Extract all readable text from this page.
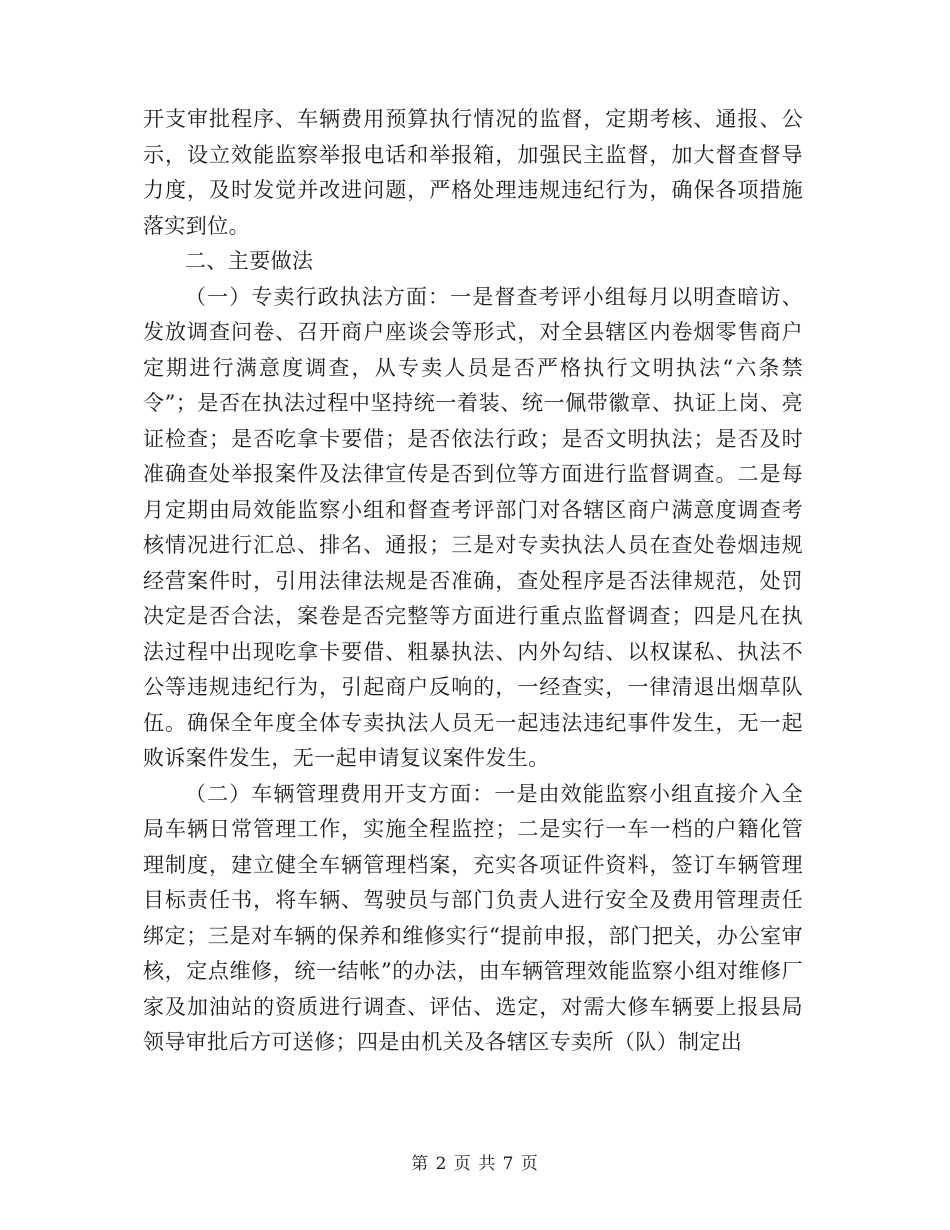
开支审批程序、车辆费用预算执行情况的监督，定期考核、通报、公示，设立效能监察举报电话和举报箱，加强民主监督，加大督查督导力度，及时发觉并改进问题，严格处理违规违纪行为，确保各项措施落实到位。

二、主要做法

（一）专卖行政执法方面：一是督查考评小组每月以明查暗访、发放调查问卷、召开商户座谈会等形式，对全县辖区内卷烟零售商户定期进行满意度调查，从专卖人员是否严格执行文明执法“六条禁令”；是否在执法过程中坚持统一着装、统一佩带徽章、执证上岗、亮证检查；是否吃拿卡要借；是否依法行政；是否文明执法；是否及时准确查处举报案件及法律宣传是否到位等方面进行监督调查。二是每月定期由局效能监察小组和督查考评部门对各辖区商户满意度调查考核情况进行汇总、排名、通报；三是对专卖执法人员在查处卷烟违规经营案件时，引用法律法规是否准确，查处程序是否法律规范，处罚决定是否合法，案卷是否完整等方面进行重点监督调查；四是凡在执法过程中出现吃拿卡要借、粗暴执法、内外勾结、以权谋私、执法不公等违规违纪行为，引起商户反响的，一经查实，一律清退出烟草队伍。确保全年度全体专卖执法人员无一起违法违纪事件发生，无一起败诉案件发生，无一起申请复议案件发生。

（二）车辆管理费用开支方面：一是由效能监察小组直接介入全局车辆日常管理工作，实施全程监控；二是实行一车一档的户籍化管理制度，建立健全车辆管理档案，充实各项证件资料，签订车辆管理目标责任书，将车辆、驾驶员与部门负责人进行安全及费用管理责任绑定；三是对车辆的保养和维修实行“提前申报，部门把关，办公室审核，定点维修，统一结帐”的办法，由车辆管理效能监察小组对维修厂家及加油站的资质进行调查、评估、选定，对需大修车辆要上报县局领导审批后方可送修；四是由机关及各辖区专卖所（队）制定出

第 2 页 共 7 页
